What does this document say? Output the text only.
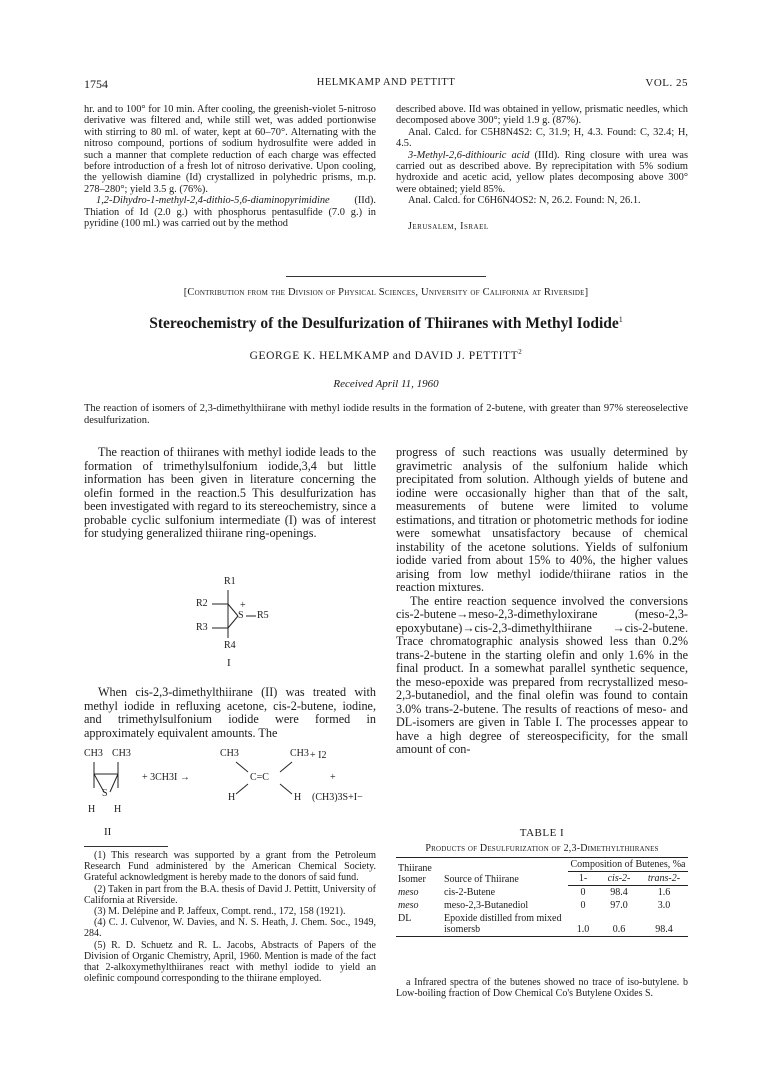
1754	HELMKAMP AND PETTITT	VOL. 25

hr. and to 100° for 10 min. After cooling, the greenish-violet 5-nitroso derivative was filtered and, while still wet, was added portionwise with stirring to 80 ml. of water, kept at 60–70°. Alternating with the nitroso compound, portions of sodium hydrosulfite were added in such a manner that complete reduction of each charge was effected before introduction of a fresh lot of nitroso derivative. Upon cooling, the yellowish diamine (Id) crystallized in polyhedric prisms, m.p. 278–280°; yield 3.5 g. (76%).

1,2-Dihydro-1-methyl-2,4-dithio-5,6-diaminopyrimidine (IId). Thiation of Id (2.0 g.) with phosphorus pentasulfide (7.0 g.) in pyridine (100 ml.) was carried out by the method

described above. IId was obtained in yellow, prismatic needles, which decomposed above 300°; yield 1.9 g. (87%).

Anal. Calcd. for C5H8N4S2: C, 31.9; H, 4.3. Found: C, 32.4; H, 4.5.

3-Methyl-2,6-dithiouric acid (IIId). Ring closure with urea was carried out as described above. By reprecipitation with 5% sodium hydroxide and acetic acid, yellow plates decomposing above 300° were obtained; yield 85%.

Anal. Calcd. for C6H6N4OS2: N, 26.2. Found: N, 26.1.

Jerusalem, Israel

[Contribution from the Division of Physical Sciences, University of California at Riverside]
Stereochemistry of the Desulfurization of Thiiranes with Methyl Iodide$^1$
GEORGE K. HELMKAMP and DAVID J. PETTITT$^2$
Received April 11, 1960
The reaction of isomers of 2,3-dimethylthiirane with methyl iodide results in the formation of 2-butene, with greater than 97% stereoselective desulfurization.

The reaction of thiiranes with methyl iodide leads to the formation of trimethylsulfonium iodide,3,4 but little information has been given in literature concerning the olefin formed in the reaction.5 This desulfurization has been investigated with regard to its stereochemistry, since a probable cyclic sulfonium intermediate (I) was of interest for studying generalized thiirane ring-openings.

R1
R2
R3
R4
S
+
R5
I

When cis-2,3-dimethylthiirane (II) was treated with methyl iodide in refluxing acetone, cis-2-butene, iodine, and trimethylsulfonium iodide were formed in approximately equivalent amounts. The

CH3 CH3
S
H H
+ 3CH3I →
CH3	CH3
C=C
H	H
+ I2
+
(CH3)3S+I−
II

(1) This research was supported by a grant from the Petroleum Research Fund administered by the American Chemical Society. Grateful acknowledgment is hereby made to the donors of said fund.

(2) Taken in part from the B.A. thesis of David J. Pettitt, University of California at Riverside.

(3) M. Delépine and P. Jaffeux, Compt. rend., 172, 158 (1921).

(4) C. J. Culvenor, W. Davies, and N. S. Heath, J. Chem. Soc., 1949, 284.

(5) R. D. Schuetz and R. L. Jacobs, Abstracts of Papers of the Division of Organic Chemistry, April, 1960. Mention is made of the fact that 2-alkoxymethylthiiranes react with methyl iodide to yield an olefinic compound corresponding to the thiirane employed.

progress of such reactions was usually determined by gravimetric analysis of the sulfonium halide which precipitated from solution. Although yields of butene and iodine were occasionally higher than that of the salt, measurements of butene were limited to volume estimations, and titration or photometric methods for iodine were somewhat unsatisfactory because of chemical instability of the acetone solutions. Yields of sulfonium iodide varied from about 15% to 40%, the higher values arising from low methyl iodide/thiirane ratios in the reaction mixtures.

The entire reaction sequence involved the conversions cis-2-butene→meso-2,3-dimethyloxirane (meso-2,3-epoxybutane)→cis-2,3-dimethylthiirane →cis-2-butene. Trace chromatographic analysis showed less than 0.2% trans-2-butene in the starting olefin and only 1.6% in the final product. In a somewhat parallel synthetic sequence, the meso-epoxide was prepared from recrystallized meso-2,3-butanediol, and the final olefin was found to contain 3.0% trans-2-butene. The results of reactions of meso- and DL-isomers are given in Table I. The processes appear to have a high degree of stereospecificity, for the small amount of con-

TABLE I
Products of Desulfurization of 2,3-Dimethylthiiranes
Thiirane Isomer	Source of Thiirane	Composition of Butenes, %a		
		1-	cis-2-	trans-2-
meso	cis-2-Butene	0	98.4	1.6
meso	meso-2,3-Butanediol	0	97.0	3.0
DL	Epoxide distilled from mixed isomersb	1.0	0.6	98.4

a Infrared spectra of the butenes showed no trace of iso-butylene. b Low-boiling fraction of Dow Chemical Co's Butylene Oxides S.
